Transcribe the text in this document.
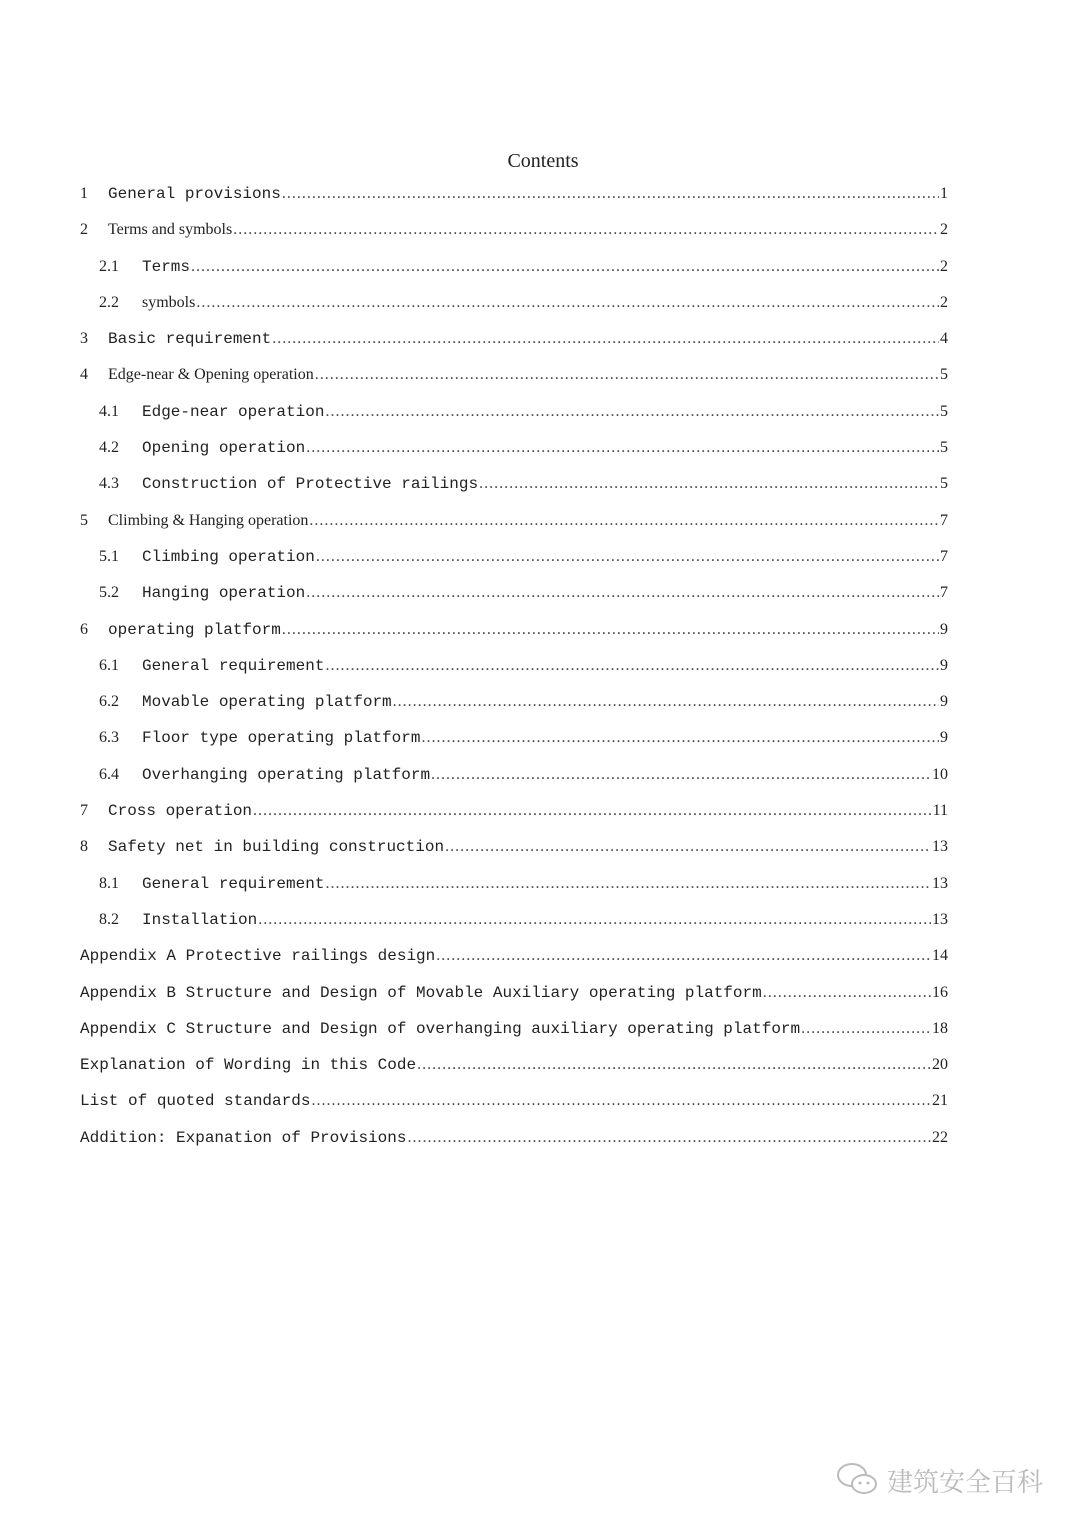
Contents
1	General provisions .....	1
2	Terms and symbols .....	2
2.1	Terms .....	2
2.2	symbols .....	2
3	Basic requirement .....	4
4	Edge-near & Opening operation .....	5
4.1	Edge-near operation .....	5
4.2	Opening operation .....	5
4.3	Construction of Protective railings .....	5
5	Climbing & Hanging operation .....	7
5.1	Climbing operation .....	7
5.2	Hanging operation .....	7
6	operating platform .....	9
6.1	General requirement .....	9
6.2	Movable operating platform .....	9
6.3	Floor type operating platform .....	9
6.4	Overhanging operating platform .....	10
7	Cross operation .....	11
8	Safety net in building construction .....	13
8.1	General requirement .....	13
8.2	Installation .....	13
Appendix A Protective railings design .....	14
Appendix B Structure and Design of Movable Auxiliary operating platform .....	16
Appendix C Structure and Design of overhanging auxiliary operating platform .....	18
Explanation of Wording in this Code .....	20
List of quoted standards .....	21
Addition: Expanation of Provisions .....	22
建筑安全百科
